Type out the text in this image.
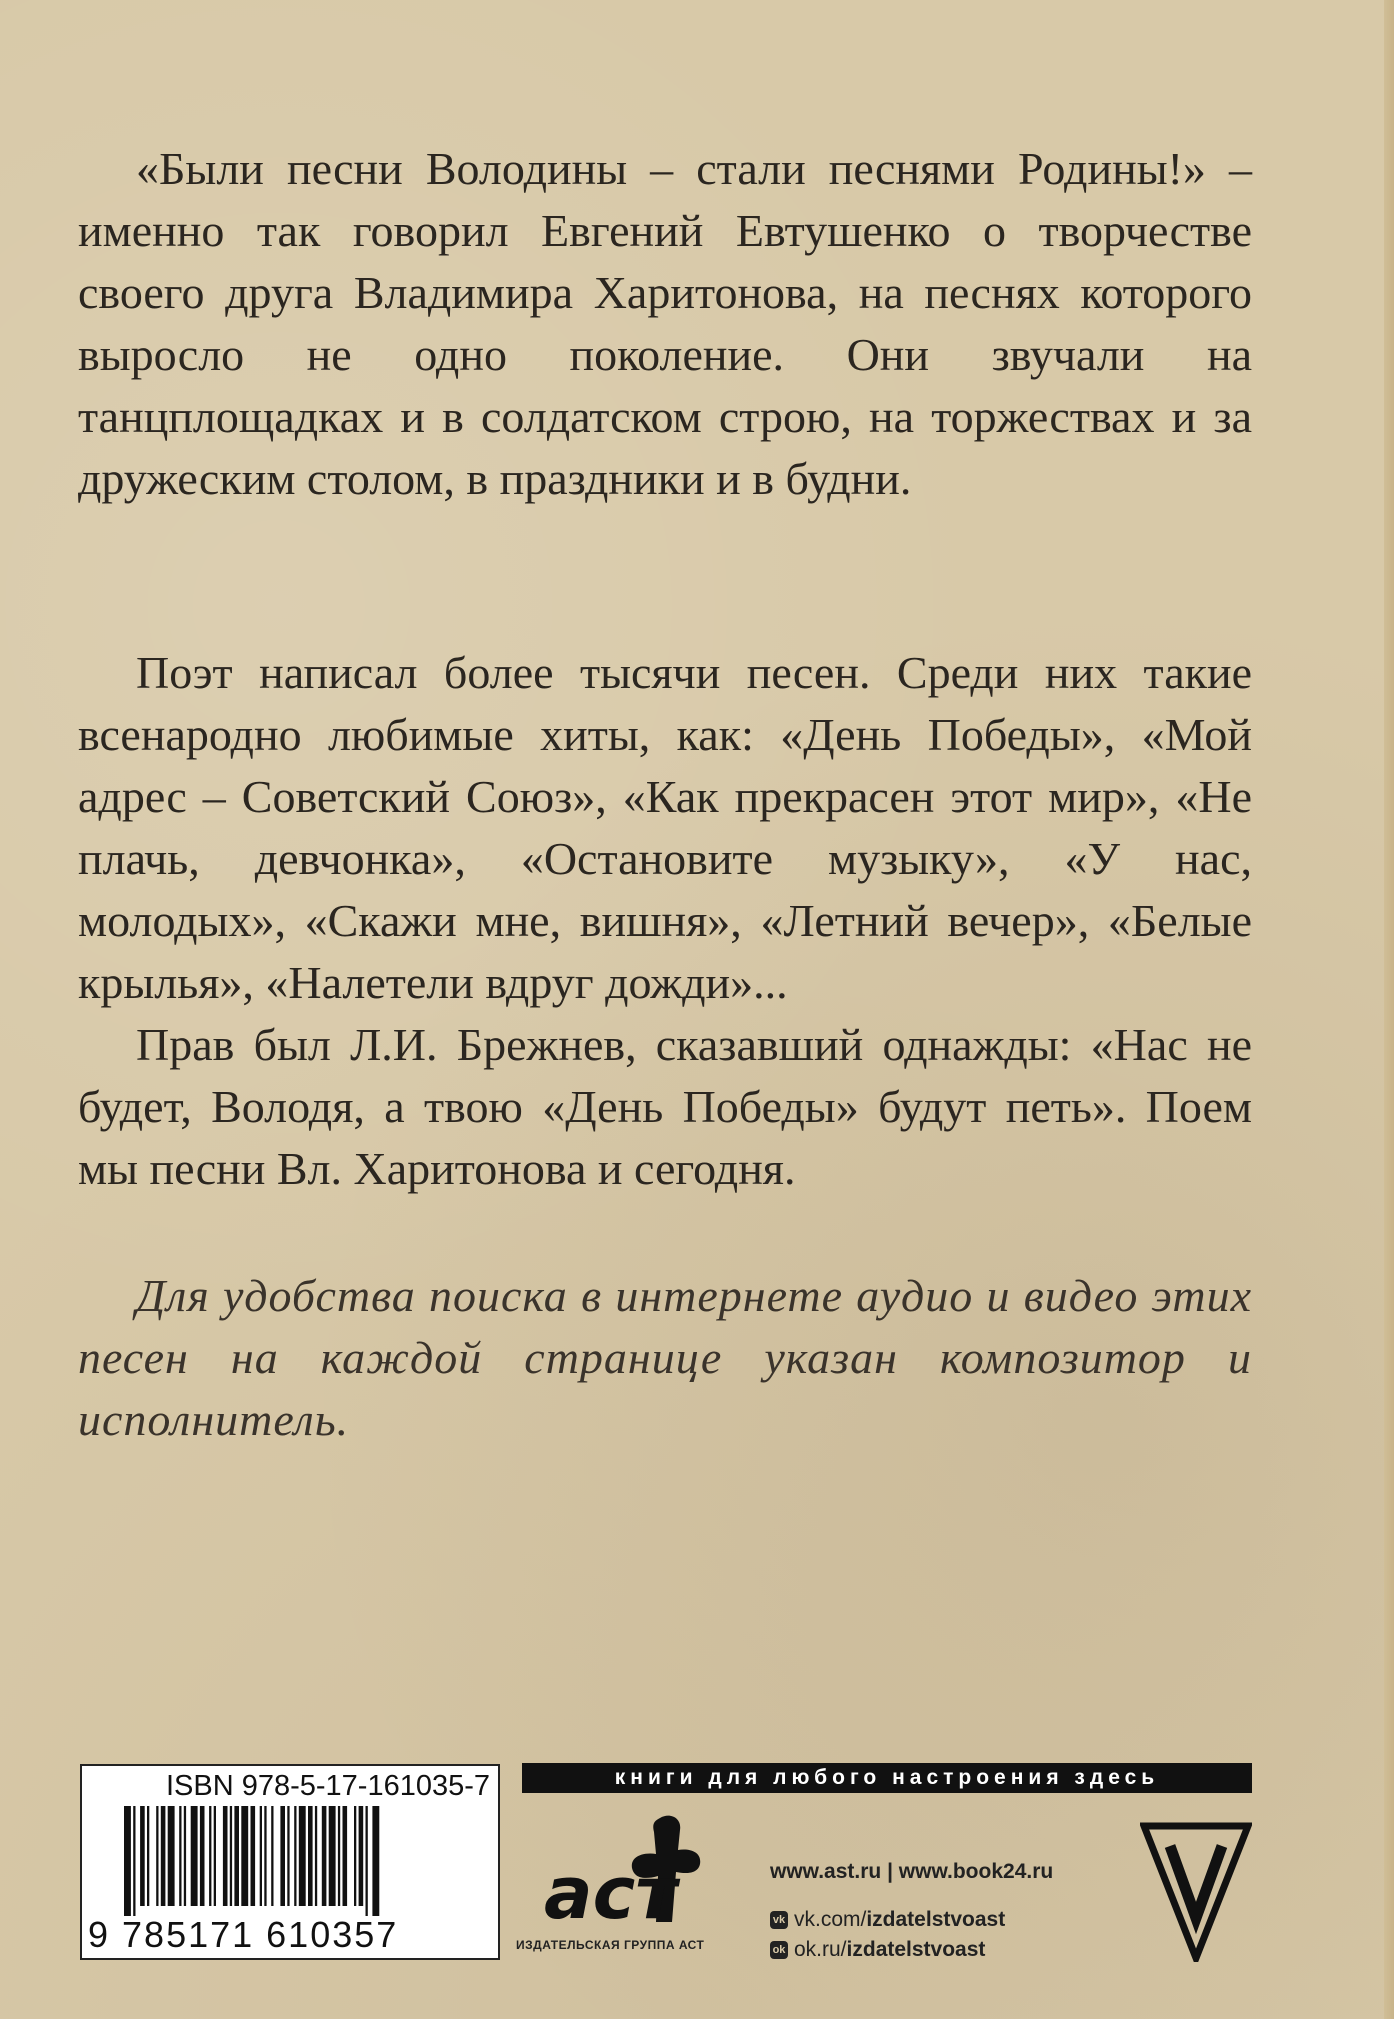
«Были песни Володины – стали песнями Родины!» – именно так говорил Евгений Евтушенко о творчестве своего друга Владимира Харитонова, на песнях которого выросло не одно поколение. Они звучали на танцплощадках и в солдатском строю, на торжествах и за дружеским столом, в праздники и в будни.

Поэт написал более тысячи песен. Среди них такие всенародно любимые хиты, как: «День Победы», «Мой адрес – Советский Союз», «Как прекрасен этот мир», «Не плачь, девчонка», «Остановите музыку», «У нас, молодых», «Скажи мне, вишня», «Летний вечер», «Белые крылья», «Налетели вдруг дожди»...

Прав был Л.И. Брежнев, сказавший однажды: «Нас не будет, Володя, а твою «День Победы» будут петь». Поем мы песни Вл. Харитонова и сегодня.

Для удобства поиска в интернете аудио и видео этих песен на каждой странице указан композитор и исполнитель.

ISBN 978-5-17-161035-7
9 785171 610357
книги для любого настроения здесь
аст
ИЗДАТЕЛЬСКАЯ ГРУППА АСТ
www.ast.ru | www.book24.ru
vk vk.com/ izdatelstvoast
ok ok.ru/ izdatelstvoast
